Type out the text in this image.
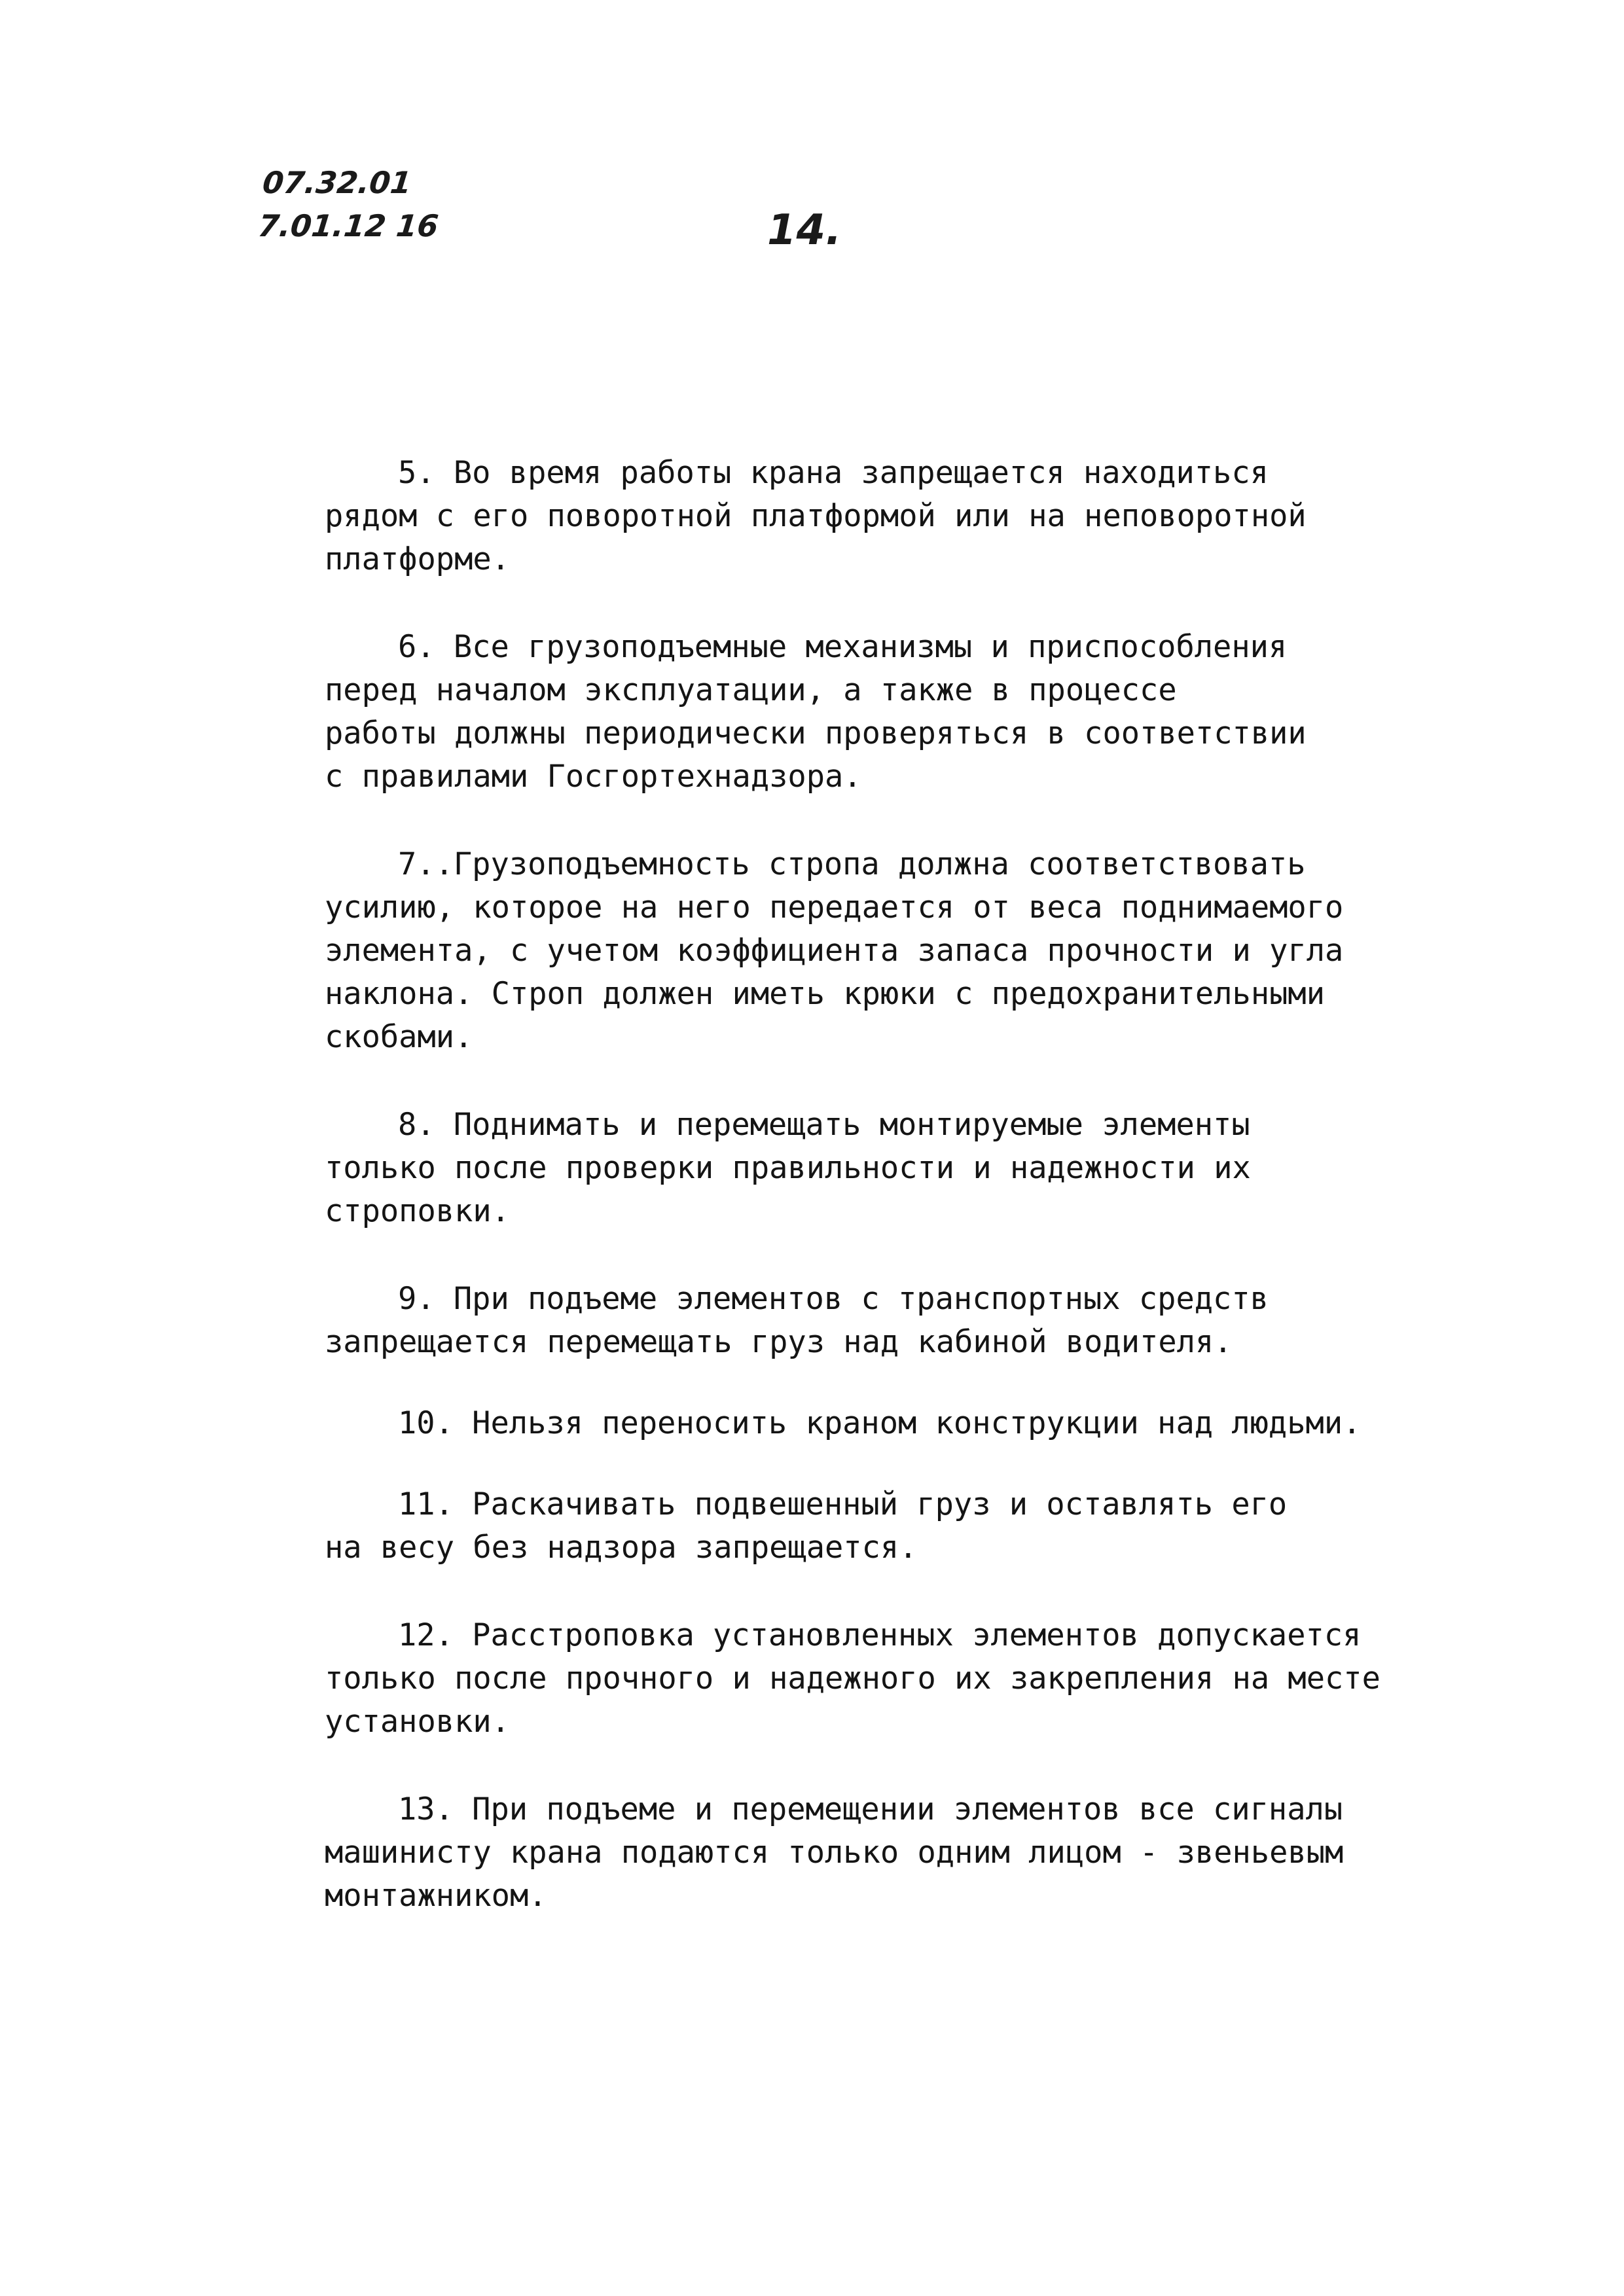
07.32.01
7.01.12 16	14.

5. Во время работы крана запрещается находиться
рядом с его поворотной платформой или на неповоротной
платформе.

6. Все грузоподъемные механизмы и приспособления
перед началом эксплуатации, а также в процессе
работы должны периодически проверяться в соответствии
с правилами Госгортехнадзора.

7..Грузоподъемность стропа должна соответствовать
усилию, которое на него передается от веса поднимаемого
элемента, с учетом коэффициента запаса прочности и угла
наклона. Строп должен иметь крюки с предохранительными
скобами.

8. Поднимать и перемещать монтируемые элементы
только после проверки правильности и надежности их
строповки.

9. При подъеме элементов с транспортных средств
запрещается перемещать груз над кабиной водителя.

10. Нельзя переносить краном конструкции над людьми.

11. Раскачивать подвешенный груз и оставлять его
на весу без надзора запрещается.

12. Расстроповка установленных элементов допускается
только после прочного и надежного их закрепления на месте
установки.

13. При подъеме и перемещении элементов все сигналы
машинисту крана подаются только одним лицом - звеньевым
монтажником.
